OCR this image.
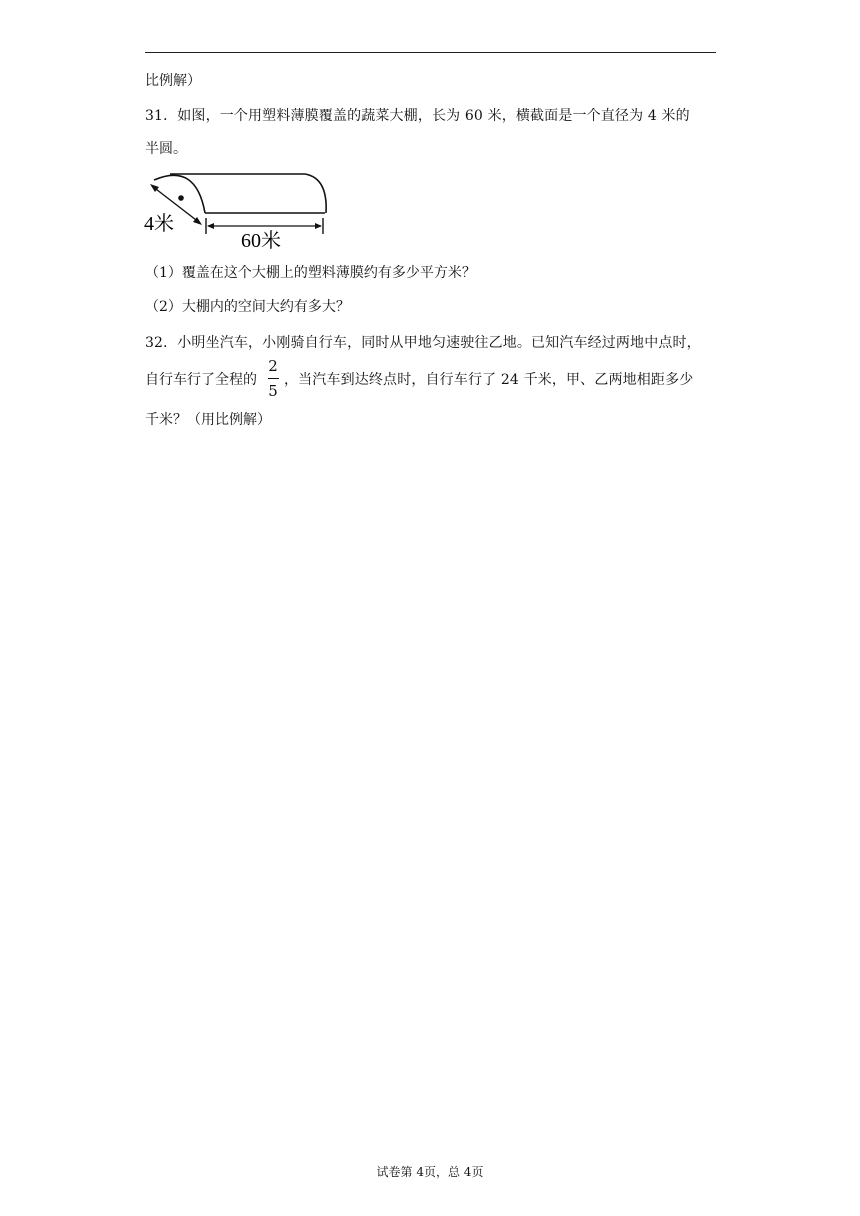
比例解）
31．如图，一个用塑料薄膜覆盖的蔬菜大棚，长为 60 米，横截面是一个直径为 4 米的
半圆。
4米
60米
（1）覆盖在这个大棚上的塑料薄膜约有多少平方米？
（2）大棚内的空间大约有多大？
32．小明坐汽车，小刚骑自行车，同时从甲地匀速驶往乙地。已知汽车经过两地中点时，
自行车行了全程的
2
5
，当汽车到达终点时，自行车行了 24 千米，甲、乙两地相距多少
千米？（用比例解）
试卷第 4页，总 4页
